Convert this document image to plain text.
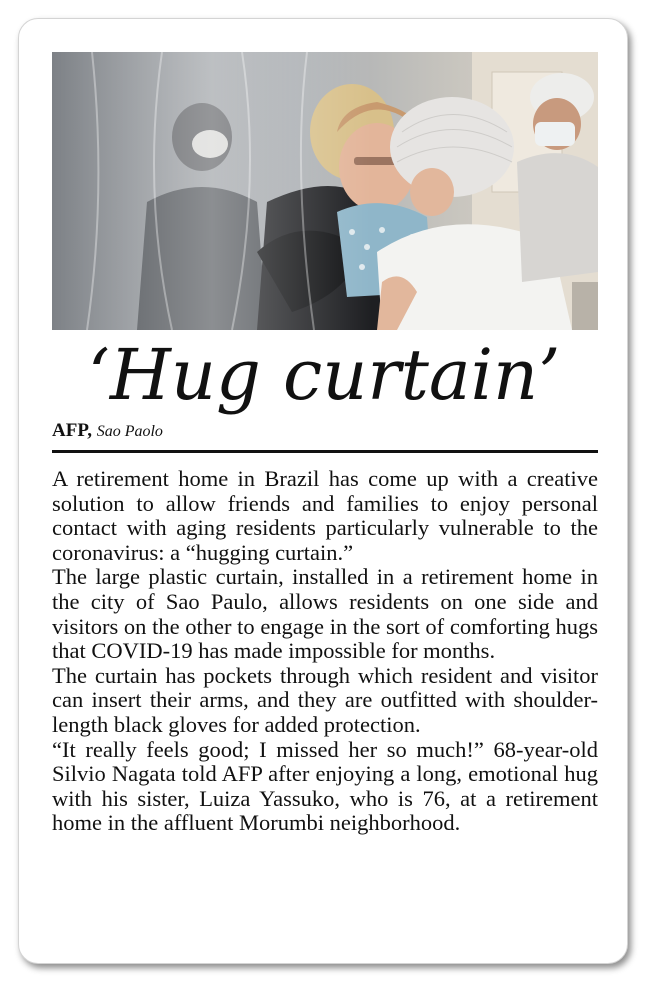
‘Hug curtain’
AFP, Sao Paolo

A retirement home in Brazil has come up with a creative solution to allow friends and families to enjoy personal contact with aging residents particularly vulnerable to the coronavirus: a “hugging curtain.”

The large plastic curtain, installed in a retirement home in the city of Sao Paulo, allows residents on one side and visitors on the other to engage in the sort of comforting hugs that COVID-19 has made impossible for months.

The curtain has pockets through which resident and visitor can insert their arms, and they are outfitted with shoulder-length black gloves for added protection.

“It really feels good; I missed her so much!” 68-year-old Silvio Nagata told AFP after enjoying a long, emotional hug with his sister, Luiza Yassuko, who is 76, at a retirement home in the affluent Morumbi neighborhood.
